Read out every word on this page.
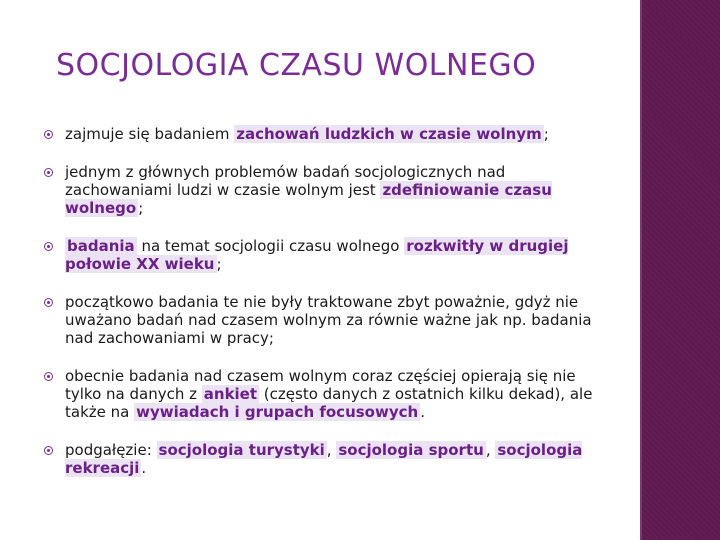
SOCJOLOGIA CZASU WOLNEGO
zajmuje się badaniem zachowań ludzkich w czasie wolnym ;
jednym z głównych problemów badań socjologicznych nad zachowaniami ludzi w czasie wolnym jest zdefiniowanie czasu wolnego ;
badania na temat socjologii czasu wolnego rozkwitły w drugiej połowie XX wieku ;
początkowo badania te nie były traktowane zbyt poważnie, gdyż nie uważano badań nad czasem wolnym za równie ważne jak np. badania nad zachowaniami w pracy;
obecnie badania nad czasem wolnym coraz częściej opierają się nie tylko na danych z ankiet (często danych z ostatnich kilku dekad), ale także na wywiadach i grupach focusowych .
podgałęzie: socjologia turystyki , socjologia sportu , socjologia rekreacji .
